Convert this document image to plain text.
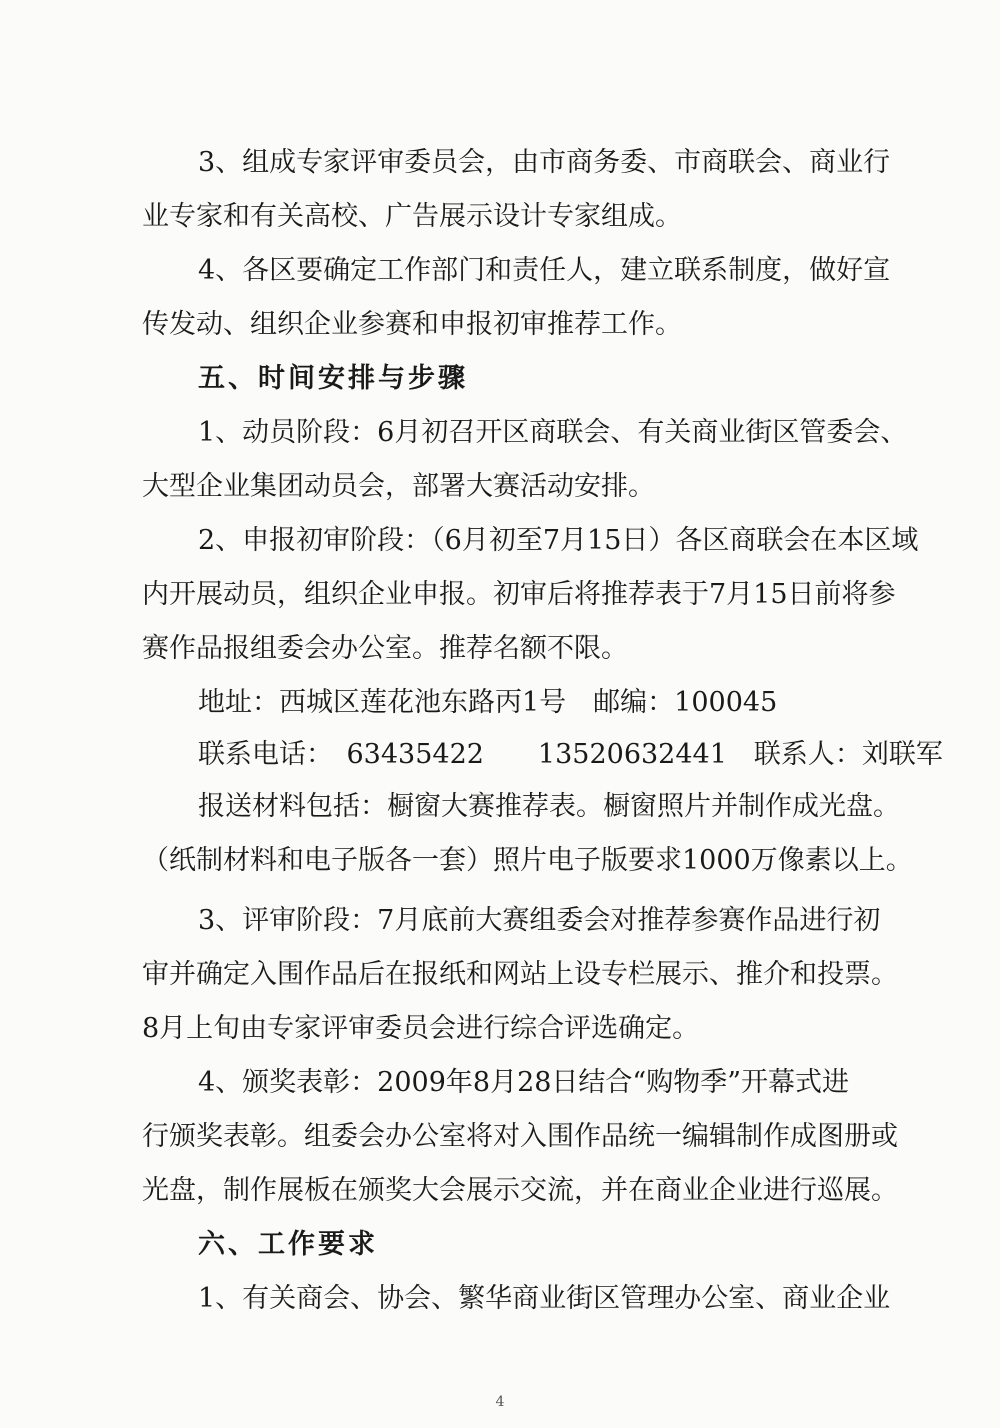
3、组成专家评审委员会，由市商务委、市商联会、商业行
业专家和有关高校、广告展示设计专家组成。
4、各区要确定工作部门和责任人，建立联系制度，做好宣
传发动、组织企业参赛和申报初审推荐工作。
五、时间安排与步骤
1、动员阶段：6月初召开区商联会、有关商业街区管委会、
大型企业集团动员会，部署大赛活动安排。
2、申报初审阶段：（6月初至7月15日）各区商联会在本区域
内开展动员，组织企业申报。初审后将推荐表于7月15日前将参
赛作品报组委会办公室。推荐名额不限。
地址：西城区莲花池东路丙1号　邮编：100045
联系电话：　63435422　　13520632441　联系人：刘联军
报送材料包括：橱窗大赛推荐表。橱窗照片并制作成光盘。
（纸制材料和电子版各一套）照片电子版要求1000万像素以上。
3、评审阶段：7月底前大赛组委会对推荐参赛作品进行初
审并确定入围作品后在报纸和网站上设专栏展示、推介和投票。
8月上旬由专家评审委员会进行综合评选确定。
4、颁奖表彰：2009年8月28日结合“购物季”开幕式进
行颁奖表彰。组委会办公室将对入围作品统一编辑制作成图册或
光盘，制作展板在颁奖大会展示交流，并在商业企业进行巡展。
六、工作要求
1、有关商会、协会、繁华商业街区管理办公室、商业企业
4
